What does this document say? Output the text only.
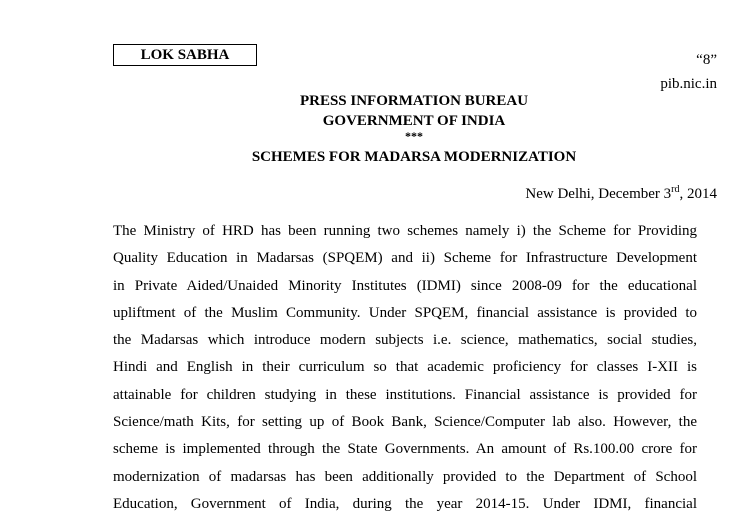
LOK SABHA	“8”
pib.nic.in
PRESS INFORMATION BUREAU
GOVERNMENT OF INDIA
***
SCHEMES FOR MADARSA MODERNIZATION
New Delhi, December 3rd, 2014
The Ministry of HRD has been running two schemes namely i) the Scheme for Providing
Quality Education in Madarsas (SPQEM) and ii) Scheme for Infrastructure Development
in Private Aided/Unaided Minority Institutes (IDMI) since 2008-09 for the educational
upliftment of the Muslim Community. Under SPQEM, financial assistance is provided to
the Madarsas which introduce modern subjects i.e. science, mathematics, social studies,
Hindi and English in their curriculum so that academic proficiency for classes I-XII is
attainable for children studying in these institutions. Financial assistance is provided for
Science/math Kits, for setting up of Book Bank, Science/Computer lab also. However, the
scheme is implemented through the State Governments. An amount of Rs.100.00 crore for
modernization of madarsas has been additionally provided to the Department of School
Education, Government of India, during the year 2014-15. Under IDMI, financial
